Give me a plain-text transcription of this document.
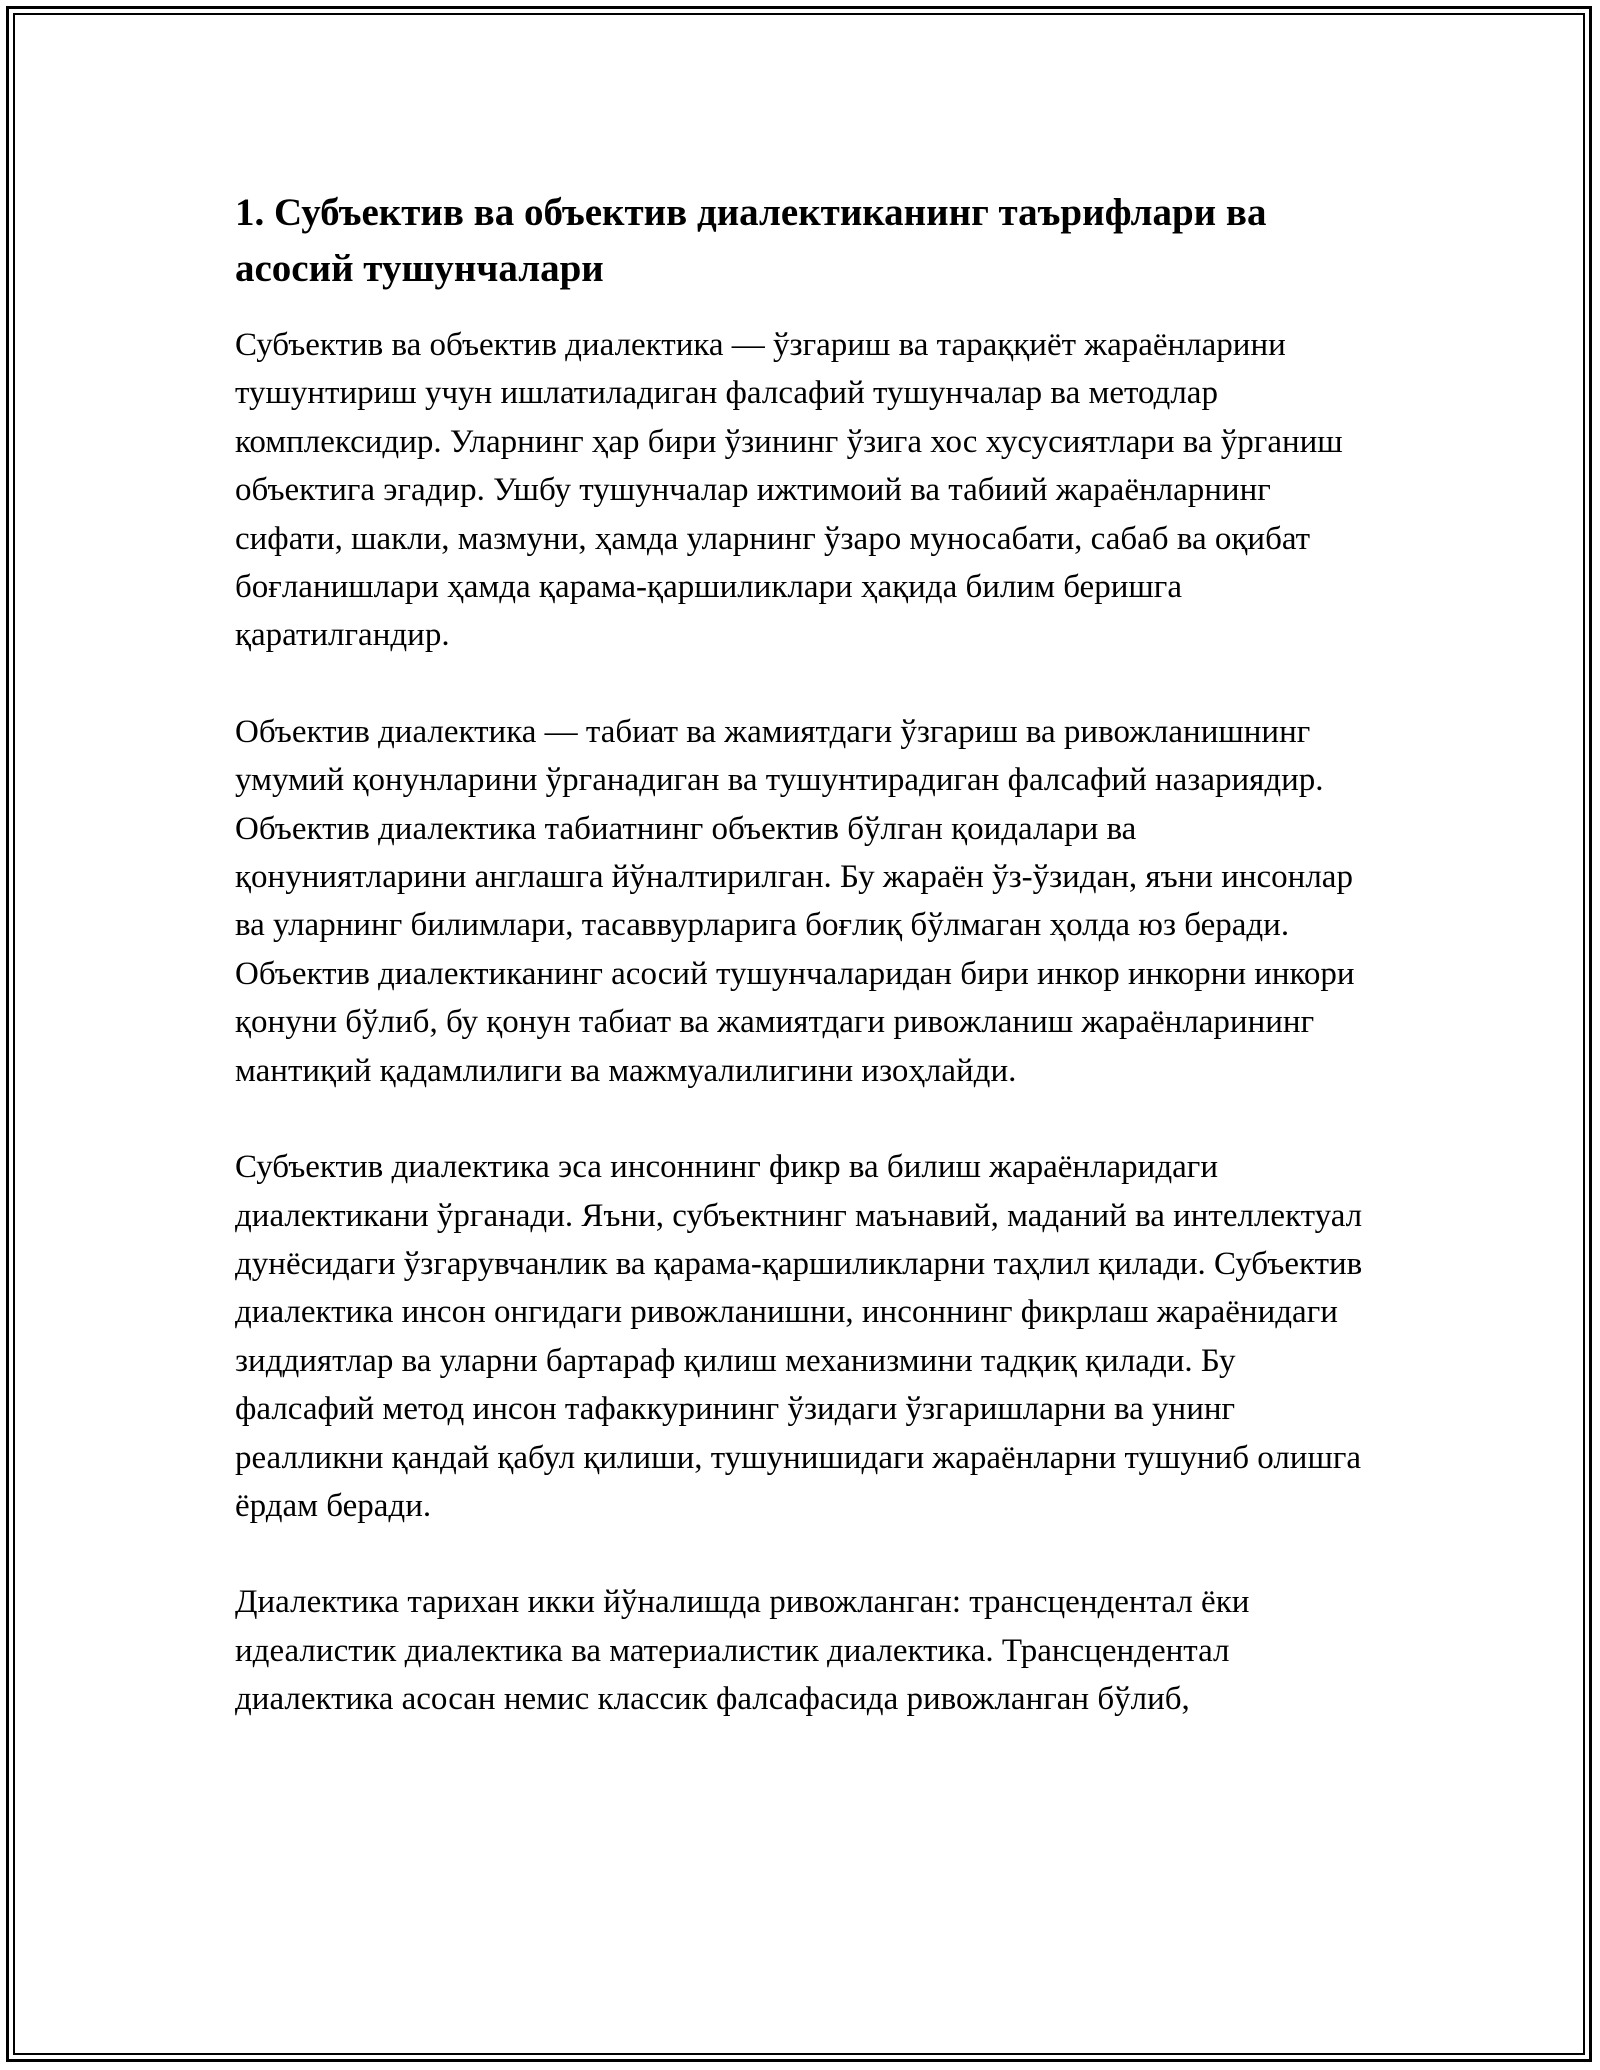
1. Субъектив ва объектив диалектиканинг таърифлари ва асосий тушунчалари

Субъектив ва объектив диалектика — ўзгариш ва тараққиёт жараёнларини тушунтириш учун ишлатиладиган фалсафий тушунчалар ва методлар комплексидир. Уларнинг ҳар бири ўзининг ўзига хос хусусиятлари ва ўрганиш объектига эгадир. Ушбу тушунчалар ижтимоий ва табиий жараёнларнинг сифати, шакли, мазмуни, ҳамда уларнинг ўзаро муносабати, сабаб ва оқибат боғланишлари ҳамда қарама-қаршиликлари ҳақида билим беришга қаратилгандир.

Объектив диалектика — табиат ва жамиятдаги ўзгариш ва ривожланишнинг умумий қонунларини ўрганадиган ва тушунтирадиган фалсафий назариядир. Объектив диалектика табиатнинг объектив бўлган қоидалари ва қонуниятларини англашга йўналтирилган. Бу жараён ўз-ўзидан, яъни инсонлар ва уларнинг билимлари, тасаввурларига боғлиқ бўлмаган ҳолда юз беради. Объектив диалектиканинг асосий тушунчаларидан бири инкор инкорни инкори қонуни бўлиб, бу қонун табиат ва жамиятдаги ривожланиш жараёнларининг мантиқий қадамлилиги ва мажмуалилигини изоҳлайди.

Субъектив диалектика эса инсоннинг фикр ва билиш жараёнларидаги диалектикани ўрганади. Яъни, субъектнинг маънавий, маданий ва интеллектуал дунёсидаги ўзгарувчанлик ва қарама-қаршиликларни таҳлил қилади. Субъектив диалектика инсон онгидаги ривожланишни, инсоннинг фикрлаш жараёнидаги зиддиятлар ва уларни бартараф қилиш механизмини тадқиқ қилади. Бу фалсафий метод инсон тафаккурининг ўзидаги ўзгаришларни ва унинг реалликни қандай қабул қилиши, тушунишидаги жараёнларни тушуниб олишга ёрдам беради.

Диалектика тарихан икки йўналишда ривожланган: трансцендентал ёки идеалистик диалектика ва материалистик диалектика. Трансцендентал диалектика асосан немис классик фалсафасида ривожланган бўлиб,
